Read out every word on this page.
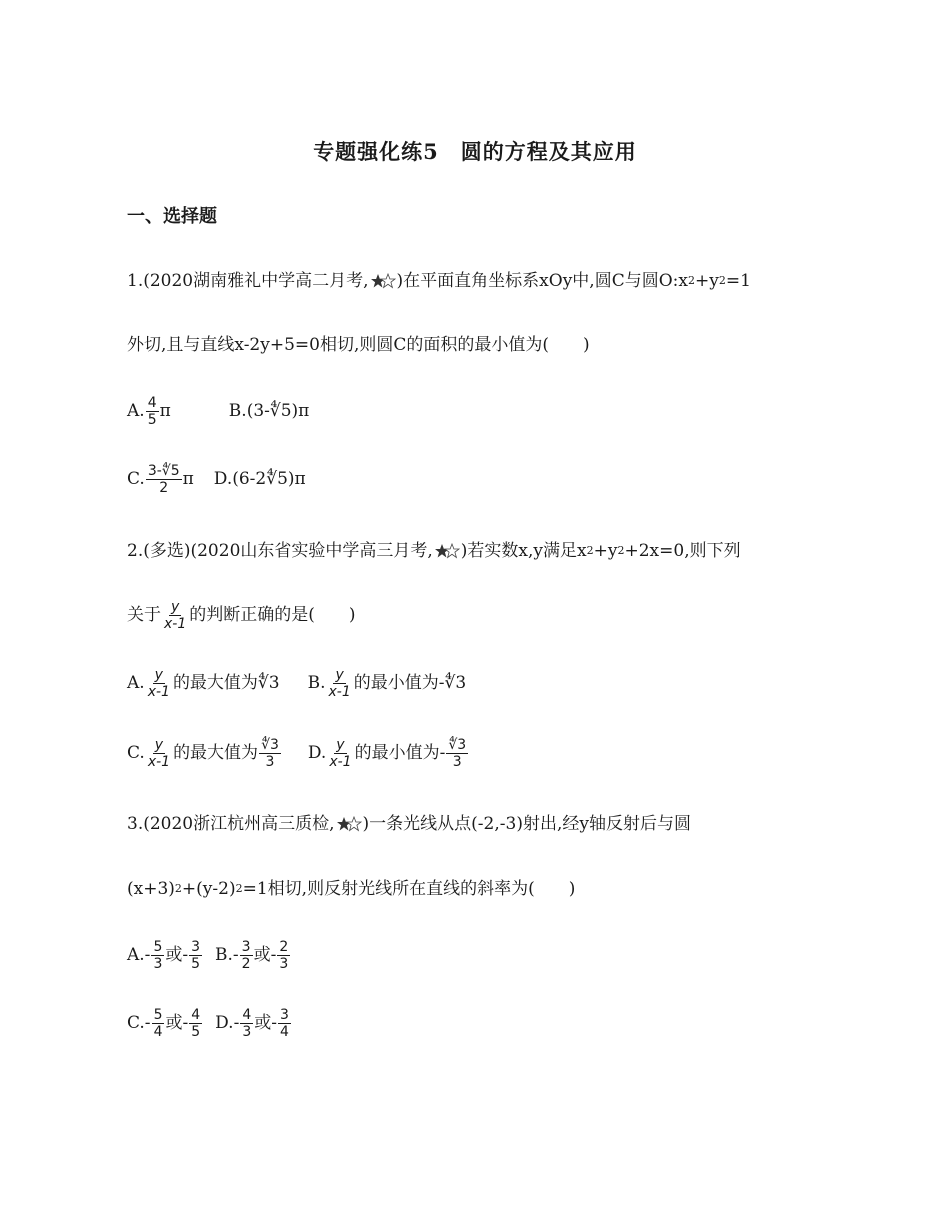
专题强化练5　圆的方程及其应用
一、选择题
1.(2020湖南雅礼中学高二月考, )在平面直角坐标系xOy中,圆C与圆O:x 2 +y 2 =1
外切,且与直线x-2y+5=0相切,则圆C的面积的最小值为(　　)
A. $\frac{4}{5}$ π	B.(3-∜5)π
C. $\frac{3-∜5}{2}$ π D.(6-2∜5)π
2.(多选)(2020山东省实验中学高三月考, )若实数x,y满足x 2 +y 2 +2x=0,则下列
关于 $\frac{y}{x-1}$ 的判断正确的是(　　)
A. $\frac{y}{x-1}$ 的最大值为∜3 B. $\frac{y}{x-1}$ 的最小值为-∜3
C. $\frac{y}{x-1}$ 的最大值为 $\frac{∜3}{3} D$. $\frac{y}{x-1}$ 的最小值为- $\frac{∜3}{3}$
3.(2020浙江杭州高三质检, )一条光线从点(-2,-3)射出,经y轴反射后与圆
(x+3) 2 +(y-2) 2 =1相切,则反射光线所在直线的斜率为(　　)
$A.- \frac{5}{3}$ 或- $\frac{3}{5} B.- \frac{3}{2}$ 或- $\frac{2}{3}$
$C.- \frac{5}{4}$ 或- $\frac{4}{5} D.- \frac{4}{3}$ 或- $\frac{3}{4}$
